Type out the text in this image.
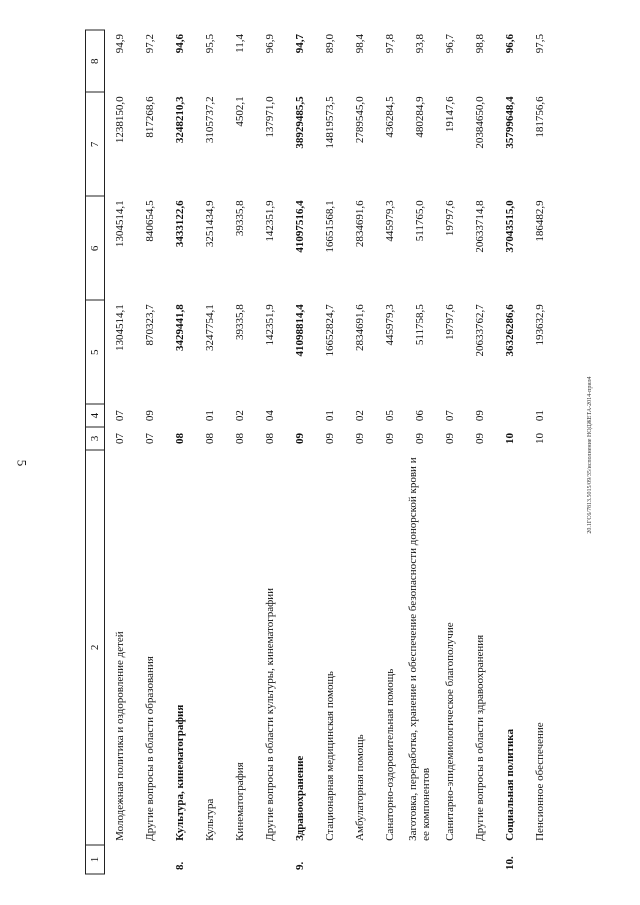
5	20.1ГС6/7813.5015/09/35/исполнение НОДЖЕТА-2014-прил4
1	2	3	4	5	6	7	8
	Молодежная политика и оздоровление детей	07	07	1304514,1	1304514,1	1238150,0	94,9
	Другие вопросы в области образования	07	09	870323,7	840654,5	817268,6	97,2
8.	Культура, кинематография	08		3429441,8	3433122,6	3248210,3	94,6
	Культура	08	01	3247754,1	3251434,9	3105737,2	95,5
	Кинематография	08	02	39335,8	39335,8	4502,1	11,4
	Другие вопросы в области культуры, кинематографии	08	04	142351,9	142351,9	137971,0	96,9
9.	Здравоохранение	09		41098814,4	41097516,4	38929485,5	94,7
	Стационарная медицинская помощь	09	01	16652824,7	16651568,1	14819573,5	89,0
	Амбулаторная помощь	09	02	2834691,6	2834691,6	2789545,0	98,4
	Санаторно-оздоровительная помощь	09	05	445979,3	445979,3	436284,5	97,8
	Заготовка, переработка, хранение и обеспечение безопасности донорской крови и ее компонентов	09	06	511758,5	511765,0	480284,9	93,8
	Санитарно-эпидемиологическое благополучие	09	07	19797,6	19797,6	19147,6	96,7
	Другие вопросы в области здравоохранения	09	09	20633762,7	20633714,8	20384650,0	98,8
10.	Социальная политика	10		36326286,6	37043515,0	35799648,4	96,6
	Пенсионное обеспечение	10	01	193632,9	186482,9	181756,6	97,5
